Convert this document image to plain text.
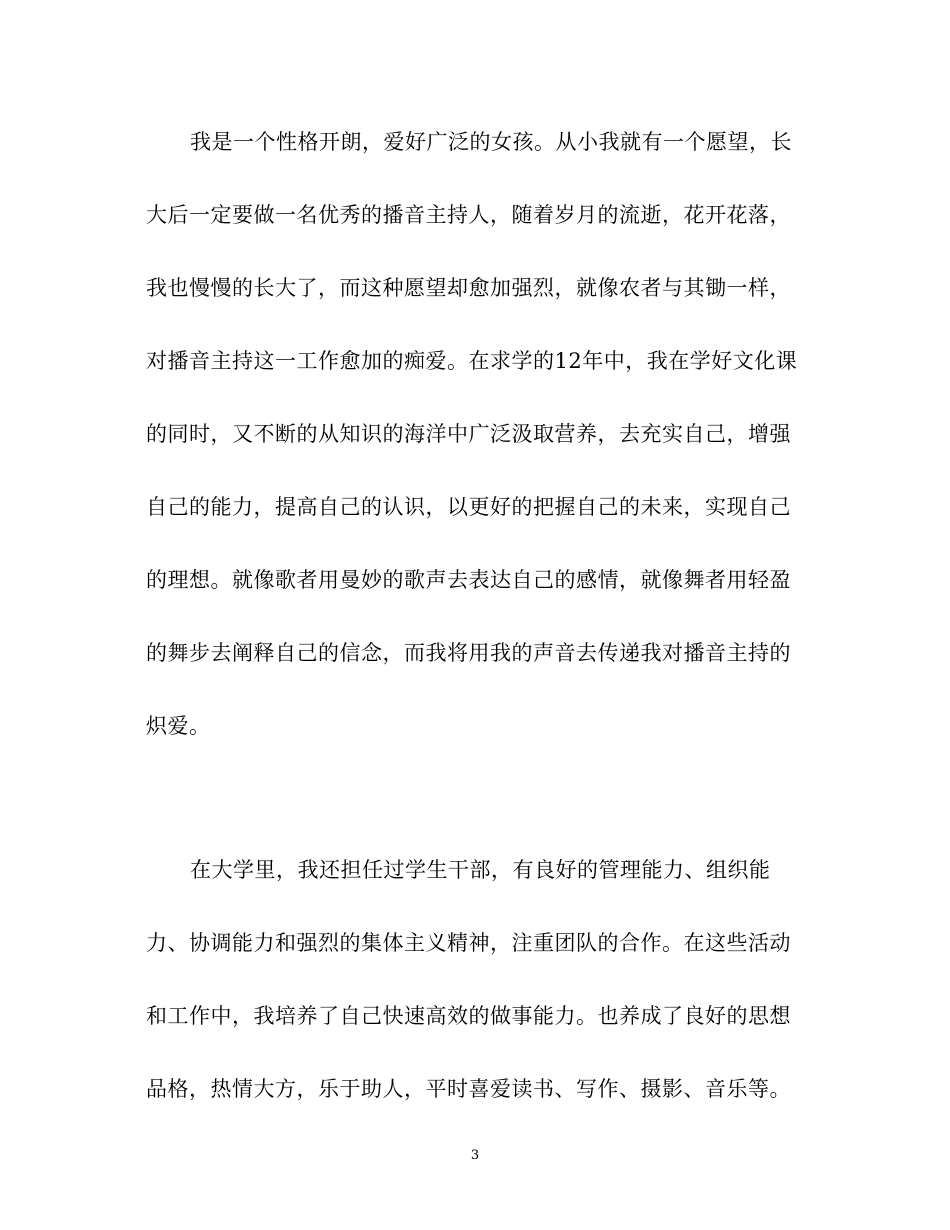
我是一个性格开朗，爱好广泛的女孩。从小我就有一个愿望，长
大后一定要做一名优秀的播音主持人，随着岁月的流逝，花开花落，
我也慢慢的长大了，而这种愿望却愈加强烈，就像农者与其锄一样，
对播音主持这一工作愈加的痴爱。在求学的12年中，我在学好文化课
的同时，又不断的从知识的海洋中广泛汲取营养，去充实自己，增强
自己的能力，提高自己的认识，以更好的把握自己的未来，实现自己
的理想。就像歌者用曼妙的歌声去表达自己的感情，就像舞者用轻盈
的舞步去阐释自己的信念，而我将用我的声音去传递我对播音主持的
炽爱。
在大学里，我还担任过学生干部，有良好的管理能力、组织能
力、协调能力和强烈的集体主义精神，注重团队的合作。在这些活动
和工作中，我培养了自己快速高效的做事能力。也养成了良好的思想
品格，热情大方，乐于助人，平时喜爱读书、写作、摄影、音乐等。
3
